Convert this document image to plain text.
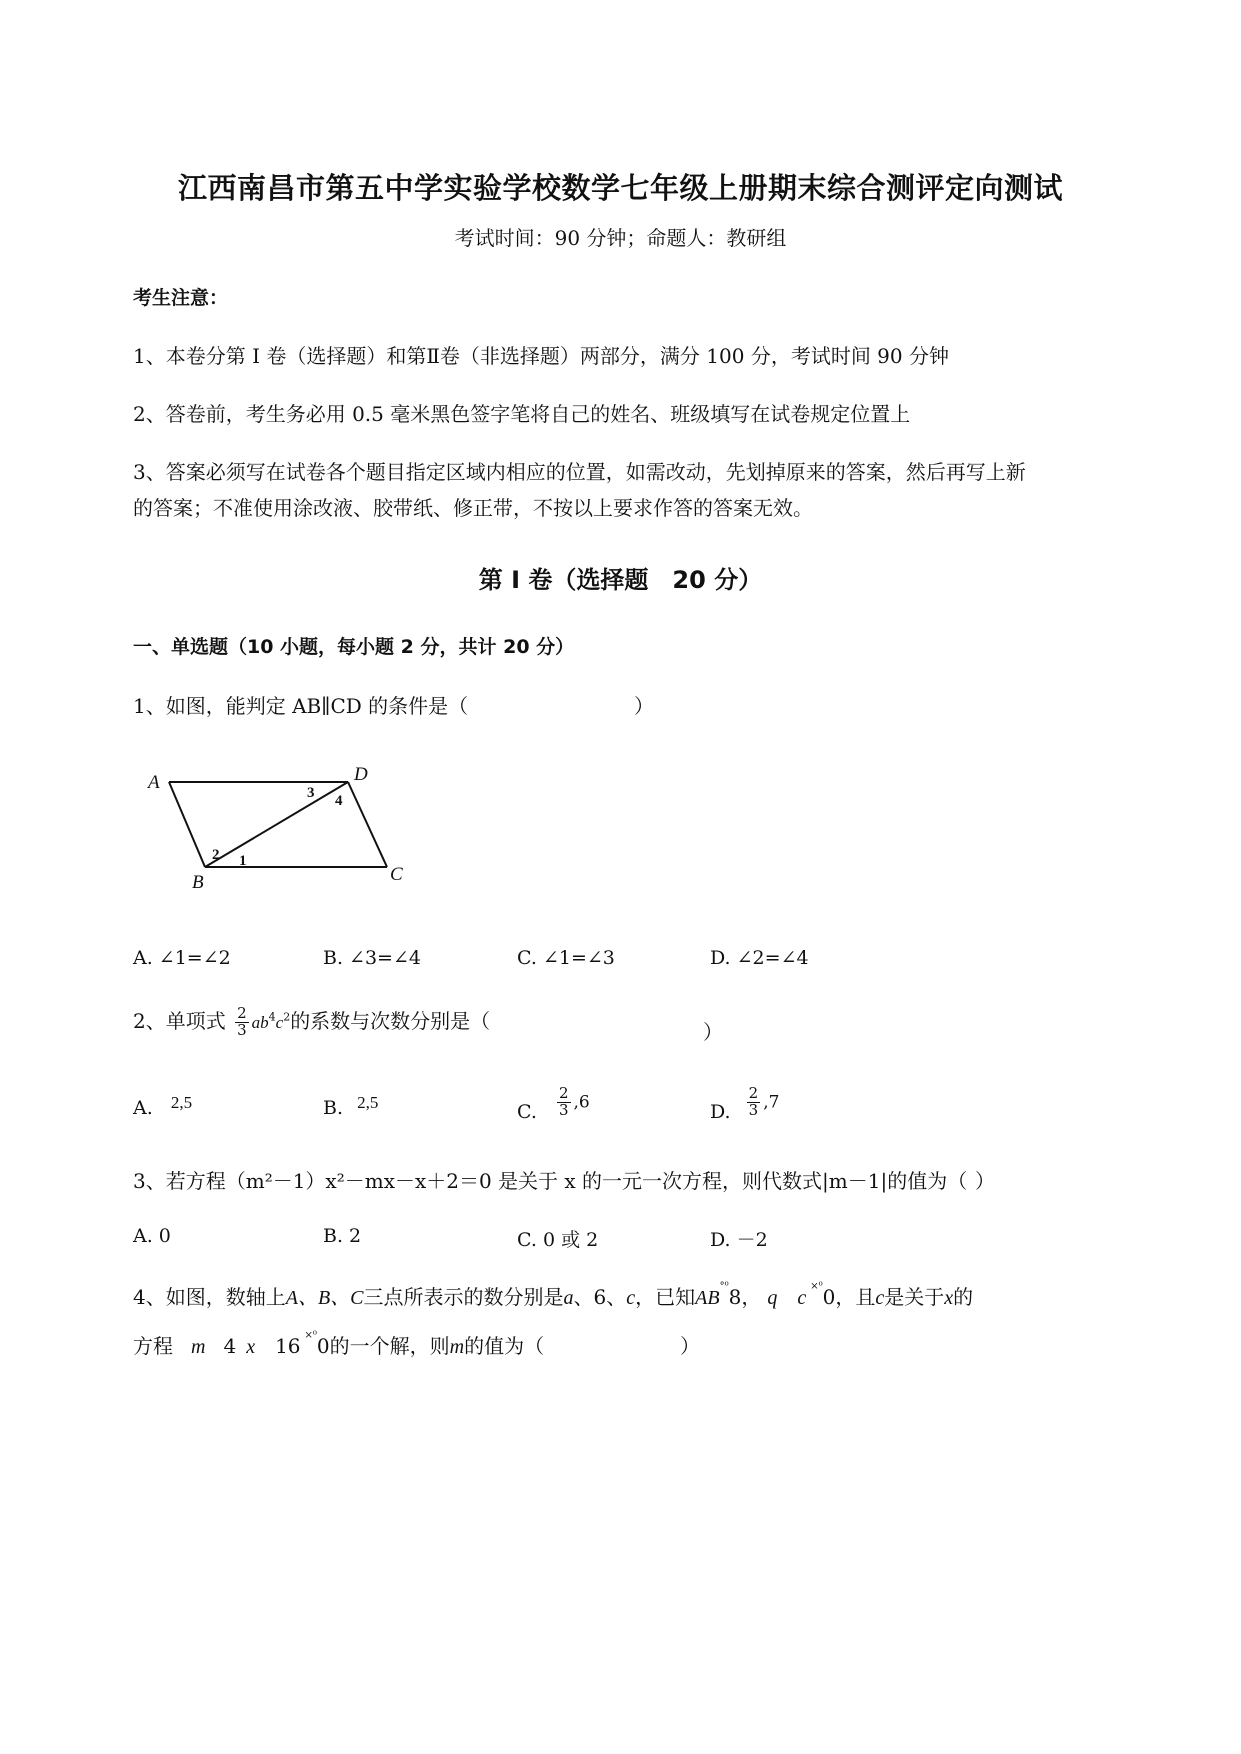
江西南昌市第五中学实验学校数学七年级上册期末综合测评定向测试
考试时间：90 分钟；命题人：教研组
考生注意：
1、本卷分第 I 卷（选择题）和第Ⅱ卷（非选择题）两部分，满分 100 分，考试时间 90 分钟
2、答卷前，考生务必用 0.5 毫米黑色签字笔将自己的姓名、班级填写在试卷规定位置上
3、答案必须写在试卷各个题目指定区域内相应的位置，如需改动，先划掉原来的答案，然后再写上新
的答案；不准使用涂改液、胶带纸、修正带，不按以上要求作答的答案无效。
第 I 卷（选择题　20 分）
一、单选题（10 小题，每小题 2 分，共计 20 分）
1、如图，能判定 AB∥CD 的条件是（	）
A	D
B	C
1
2
3 4
A. ∠1=∠2	B. ∠3=∠4	C. ∠1=∠3	D. ∠2=∠4
2、单项式 $\frac{2}{3} ab^4c^2$的系数与次数分别是（	）
A. 2,5	B. 2,5	C. $\frac{2}{3} ,6$	D. $\frac{2}{3} ,7$
3、若方程（m²－1）x²－mx－x＋2＝0 是关于 x 的一元一次方程，则代数式|m－1|的值为（ ）
A. 0	B. 2	C. 0 或 2	D. －2
4、如图，数轴上A、B、C三点所表示的数分别是a、6、c，已知$AB^{^\circ^0}8$， q　$c^{\times^0}0$，且c是关于x的
方程 m 4 x 16 $^{\times^0}$0的一个解，则m的值为（	）
